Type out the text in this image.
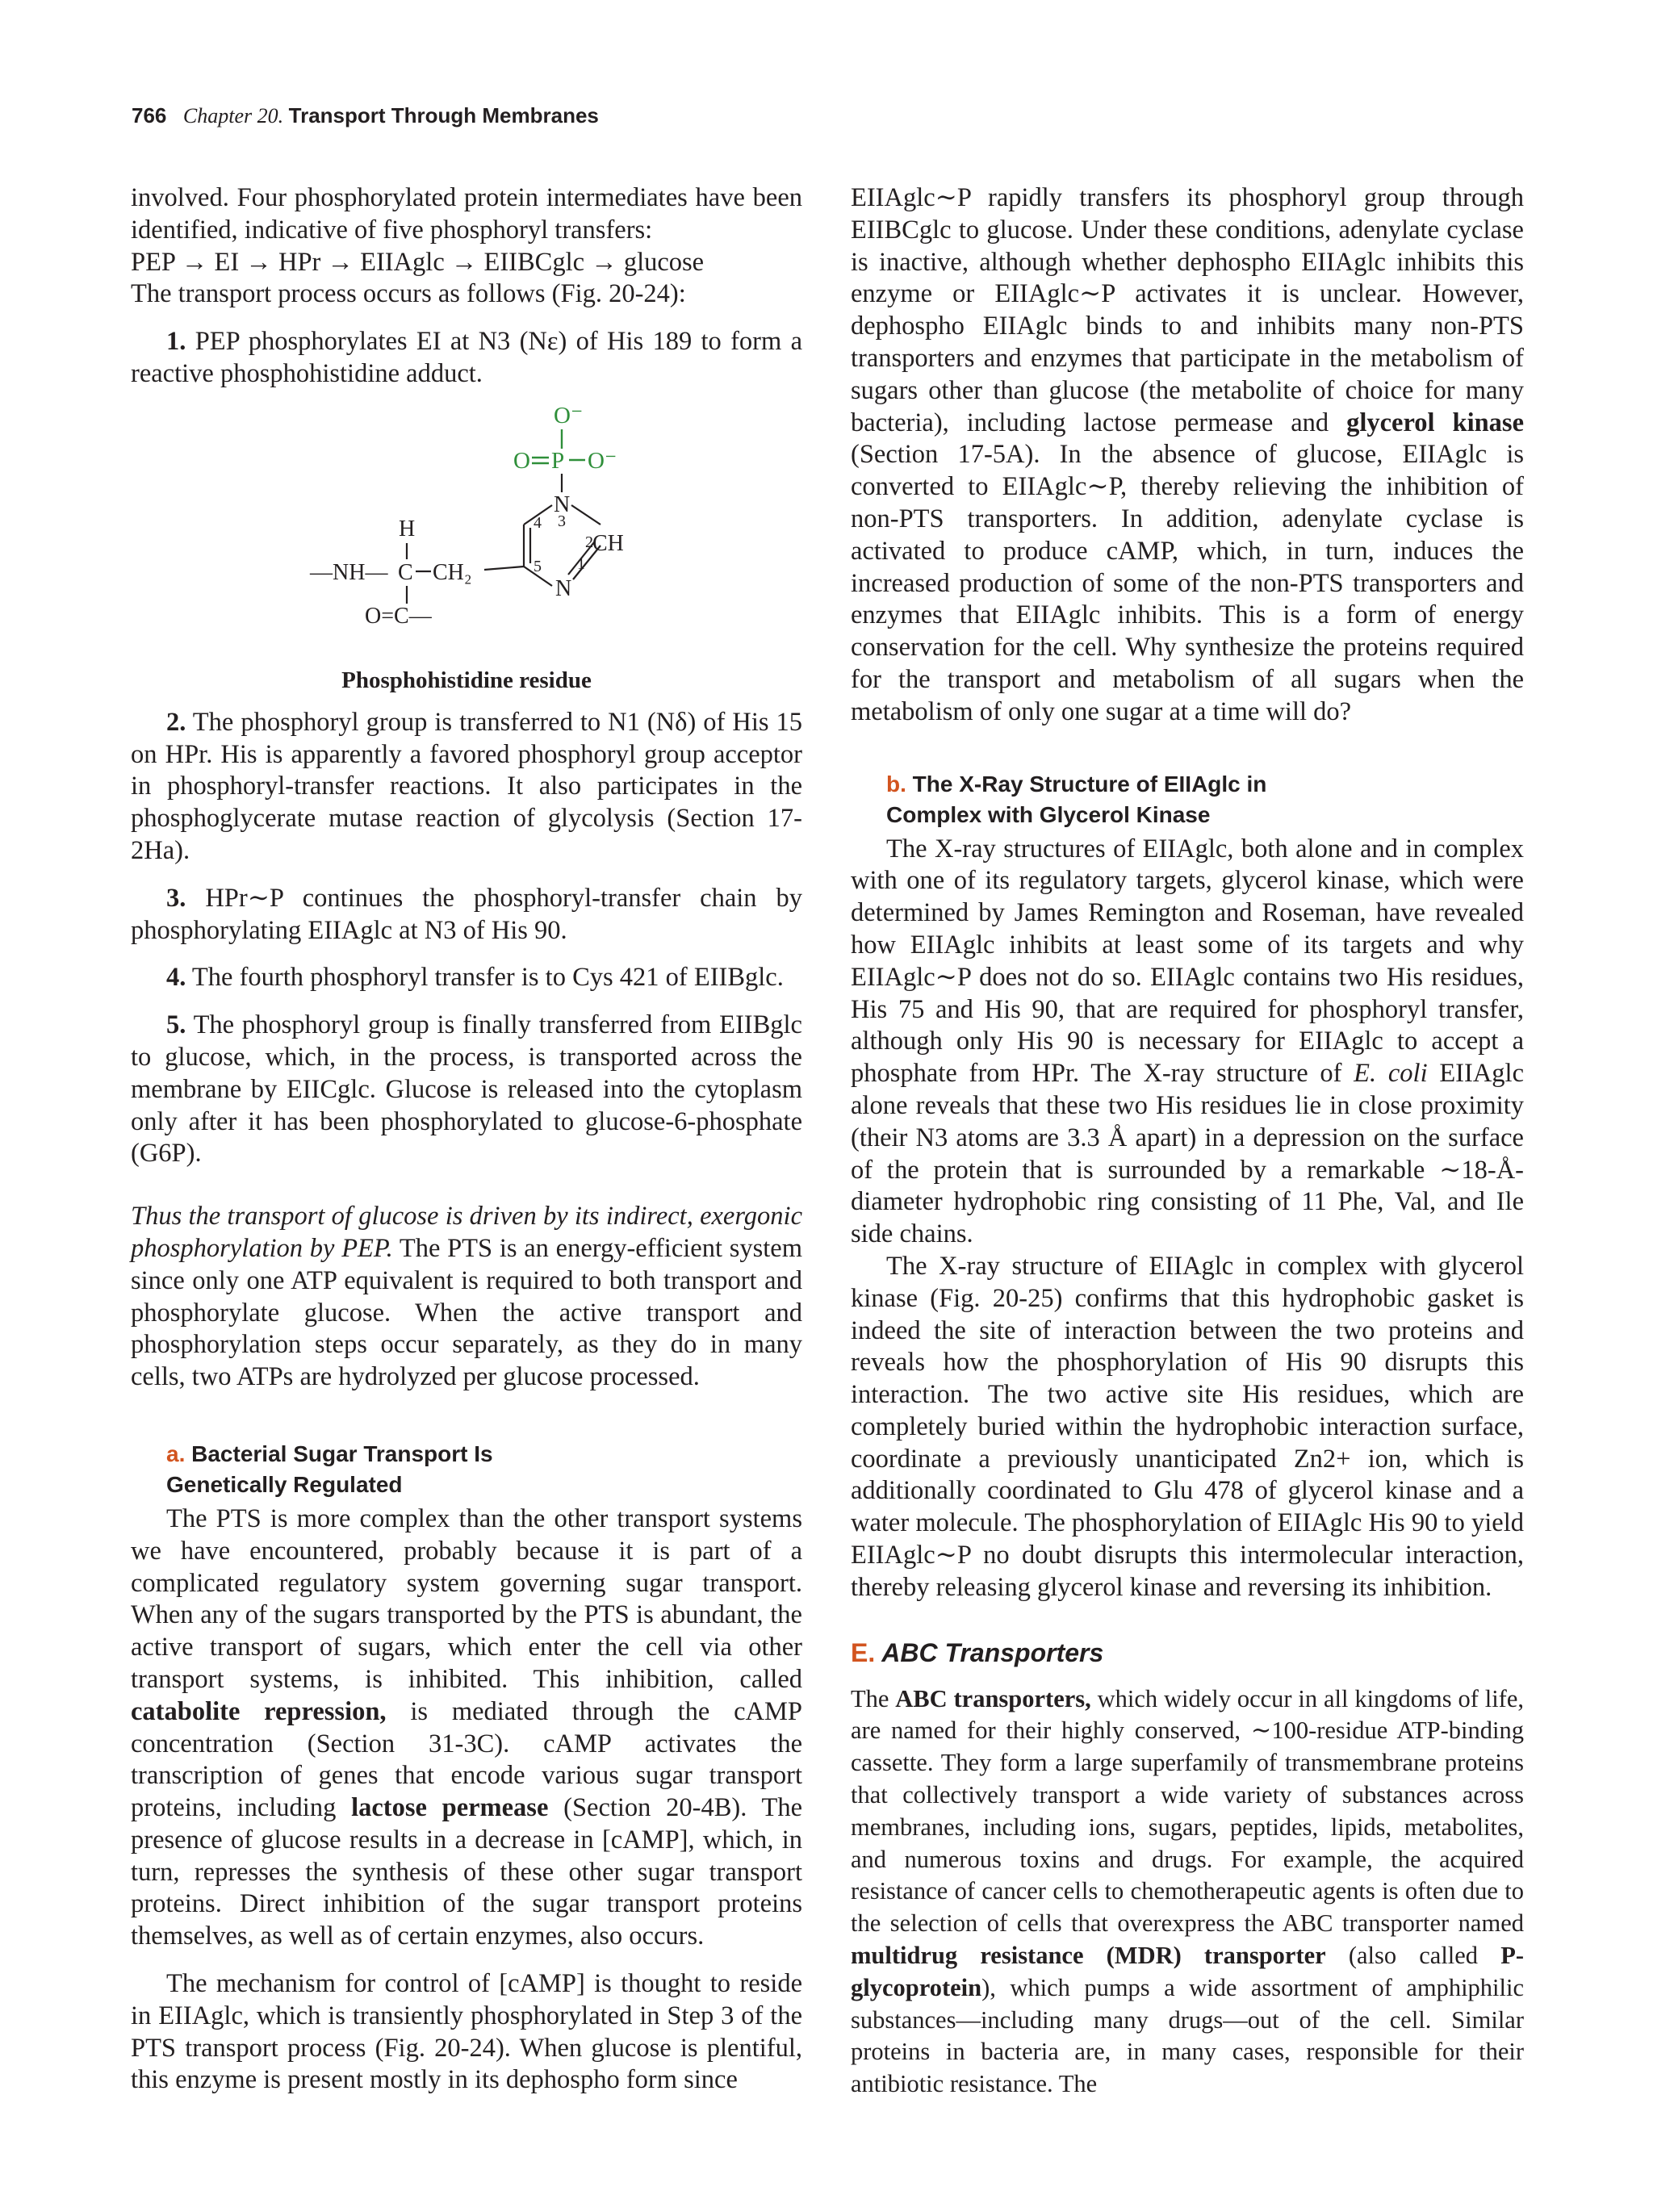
766 Chapter 20. Transport Through Membranes

involved. Four phosphorylated protein intermediates have been identified, indicative of five phosphoryl transfers:

PEP → EI → HPr → EIIAglc → EIIBCglc → glucose

The transport process occurs as follows (Fig. 20-24):

1. PEP phosphorylates EI at N3 (Nε) of His 189 to form a reactive phosphohistidine adduct.

O⁻
O P O⁻
N
4 3
2 CH
1
5
N
H
—NH— C CH₂
O=C—
Phosphohistidine residue

2. The phosphoryl group is transferred to N1 (Nδ) of His 15 on HPr. His is apparently a favored phosphoryl group acceptor in phosphoryl-transfer reactions. It also participates in the phosphoglycerate mutase reaction of glycolysis (Section 17-2Ha).

3. HPr∼P continues the phosphoryl-transfer chain by phosphorylating EIIAglc at N3 of His 90.

4. The fourth phosphoryl transfer is to Cys 421 of EIIBglc.

5. The phosphoryl group is finally transferred from EIIBglc to glucose, which, in the process, is transported across the membrane by EIICglc. Glucose is released into the cytoplasm only after it has been phosphorylated to glucose-6-phosphate (G6P).

Thus the transport of glucose is driven by its indirect, exergonic phosphorylation by PEP. The PTS is an energy-efficient system since only one ATP equivalent is required to both transport and phosphorylate glucose. When the active transport and phosphorylation steps occur separately, as they do in many cells, two ATPs are hydrolyzed per glucose processed.

a. Bacterial Sugar Transport Is
Genetically Regulated

The PTS is more complex than the other transport systems we have encountered, probably because it is part of a complicated regulatory system governing sugar transport. When any of the sugars transported by the PTS is abundant, the active transport of sugars, which enter the cell via other transport systems, is inhibited. This inhibition, called catabolite repression, is mediated through the cAMP concentration (Section 31-3C). cAMP activates the transcription of genes that encode various sugar transport proteins, including lactose permease (Section 20-4B). The presence of glucose results in a decrease in [cAMP], which, in turn, represses the synthesis of these other sugar transport proteins. Direct inhibition of the sugar transport proteins themselves, as well as of certain enzymes, also occurs.

The mechanism for control of [cAMP] is thought to reside in EIIAglc, which is transiently phosphorylated in Step 3 of the PTS transport process (Fig. 20-24). When glucose is plentiful, this enzyme is present mostly in its dephospho form since

EIIAglc∼P rapidly transfers its phosphoryl group through EIIBCglc to glucose. Under these conditions, adenylate cyclase is inactive, although whether dephospho EIIAglc inhibits this enzyme or EIIAglc∼P activates it is unclear. However, dephospho EIIAglc binds to and inhibits many non-PTS transporters and enzymes that participate in the metabolism of sugars other than glucose (the metabolite of choice for many bacteria), including lactose permease and glycerol kinase (Section 17-5A). In the absence of glucose, EIIAglc is converted to EIIAglc∼P, thereby relieving the inhibition of non-PTS transporters. In addition, adenylate cyclase is activated to produce cAMP, which, in turn, induces the increased production of some of the non-PTS transporters and enzymes that EIIAglc inhibits. This is a form of energy conservation for the cell. Why synthesize the proteins required for the transport and metabolism of all sugars when the metabolism of only one sugar at a time will do?

b. The X-Ray Structure of EIIAglc in
Complex with Glycerol Kinase

The X-ray structures of EIIAglc, both alone and in complex with one of its regulatory targets, glycerol kinase, which were determined by James Remington and Roseman, have revealed how EIIAglc inhibits at least some of its targets and why EIIAglc∼P does not do so. EIIAglc contains two His residues, His 75 and His 90, that are required for phosphoryl transfer, although only His 90 is necessary for EIIAglc to accept a phosphate from HPr. The X-ray structure of E. coli EIIAglc alone reveals that these two His residues lie in close proximity (their N3 atoms are 3.3 Å apart) in a depression on the surface of the protein that is surrounded by a remarkable ∼18-Å-diameter hydrophobic ring consisting of 11 Phe, Val, and Ile side chains.

The X-ray structure of EIIAglc in complex with glycerol kinase (Fig. 20-25) confirms that this hydrophobic gasket is indeed the site of interaction between the two proteins and reveals how the phosphorylation of His 90 disrupts this interaction. The two active site His residues, which are completely buried within the hydrophobic interaction surface, coordinate a previously unanticipated Zn2+ ion, which is additionally coordinated to Glu 478 of glycerol kinase and a water molecule. The phosphorylation of EIIAglc His 90 to yield EIIAglc∼P no doubt disrupts this intermolecular interaction, thereby releasing glycerol kinase and reversing its inhibition.

E. ABC Transporters

The ABC transporters, which widely occur in all kingdoms of life, are named for their highly conserved, ∼100-residue ATP-binding cassette. They form a large superfamily of transmembrane proteins that collectively transport a wide variety of substances across membranes, including ions, sugars, peptides, lipids, metabolites, and numerous toxins and drugs. For example, the acquired resistance of cancer cells to chemotherapeutic agents is often due to the selection of cells that overexpress the ABC transporter named multidrug resistance (MDR) transporter (also called P-glycoprotein), which pumps a wide assortment of amphiphilic substances—including many drugs—out of the cell. Similar proteins in bacteria are, in many cases, responsible for their antibiotic resistance. The
